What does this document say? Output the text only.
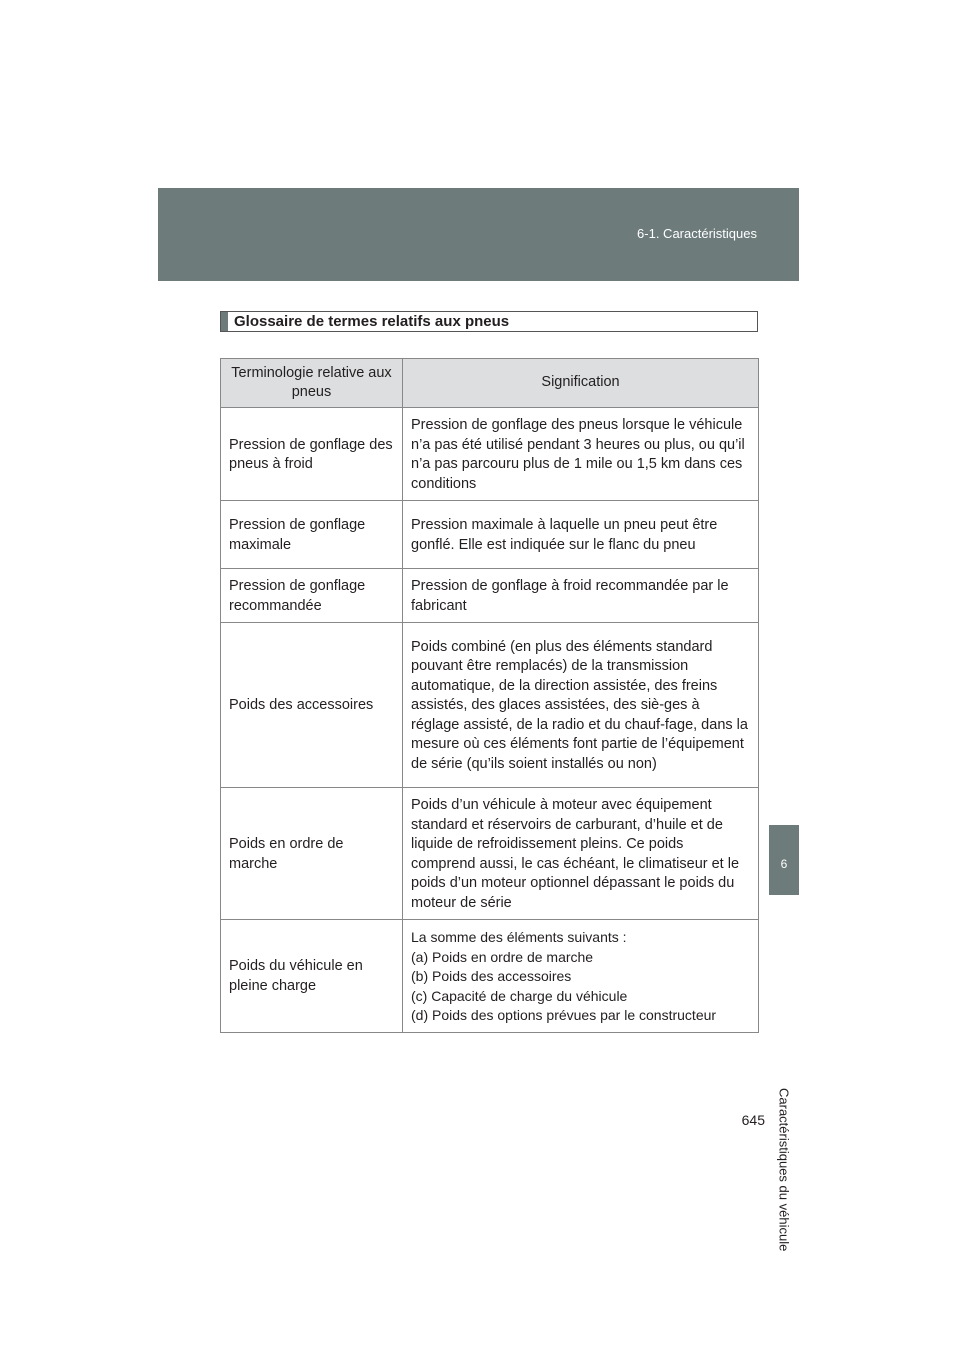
6-1. Caractéristiques
6
Caractéristiques du véhicule
Glossaire de termes relatifs aux pneus
Terminologie relative aux pneus	Signification
Pression de gonflage des pneus à froid	Pression de gonflage des pneus lorsque le véhicule n’a pas été utilisé pendant 3 heures ou plus, ou qu’il n’a pas parcouru plus de 1 mile ou 1,5 km dans ces conditions
Pression de gonflage maximale	Pression maximale à laquelle un pneu peut être gonflé. Elle est indiquée sur le flanc du pneu
Pression de gonflage recommandée	Pression de gonflage à froid recommandée par le fabricant
Poids des accessoires	Poids combiné (en plus des éléments standard pouvant être remplacés) de la transmission automatique, de la direction assistée, des freins assistés, des glaces assistées, des siè-ges à réglage assisté, de la radio et du chauf-fage, dans la mesure où ces éléments font partie de l’équipement de série (qu’ils soient installés ou non)
Poids en ordre de marche	Poids d’un véhicule à moteur avec équipement standard et réservoirs de carburant, d’huile et de liquide de refroidissement pleins. Ce poids comprend aussi, le cas échéant, le climatiseur et le poids d’un moteur optionnel dépassant le poids du moteur de série
Poids du véhicule en pleine charge	La somme des éléments suivants :
(a) Poids en ordre de marche
(b) Poids des accessoires
(c) Capacité de charge du véhicule
(d) Poids des options prévues par le constructeur
645
